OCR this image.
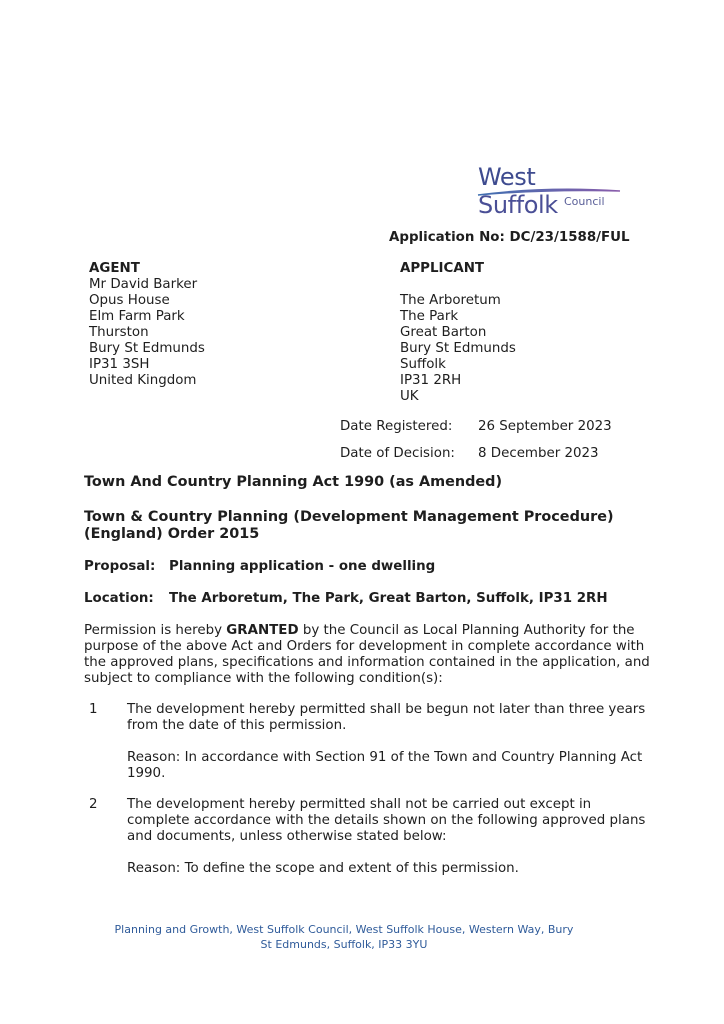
West Suffolk Council
Application No: DC/23/1588/FUL
AGENT
Mr David Barker
Opus House
Elm Farm Park
Thurston
Bury St Edmunds
IP31 3SH
United Kingdom
APPLICANT
The Arboretum
The Park
Great Barton
Bury St Edmunds
Suffolk
IP31 2RH
UK
Date Registered: 26 September 2023
Date of Decision: 8 December 2023
Town And Country Planning Act 1990 (as Amended)
Town & Country Planning (Development Management Procedure)
(England) Order 2015
Proposal: Planning application - one dwelling
Location: The Arboretum, The Park, Great Barton, Suffolk, IP31 2RH
Permission is hereby GRANTED by the Council as Local Planning Authority for the
purpose of the above Act and Orders for development in complete accordance with
the approved plans, specifications and information contained in the application, and
subject to compliance with the following condition(s):
1 The development hereby permitted shall be begun not later than three years
from the date of this permission.
Reason: In accordance with Section 91 of the Town and Country Planning Act
1990.
2 The development hereby permitted shall not be carried out except in
complete accordance with the details shown on the following approved plans
and documents, unless otherwise stated below:
Reason: To define the scope and extent of this permission.
Planning and Growth, West Suffolk Council, West Suffolk House, Western Way, Bury
St Edmunds, Suffolk, IP33 3YU
